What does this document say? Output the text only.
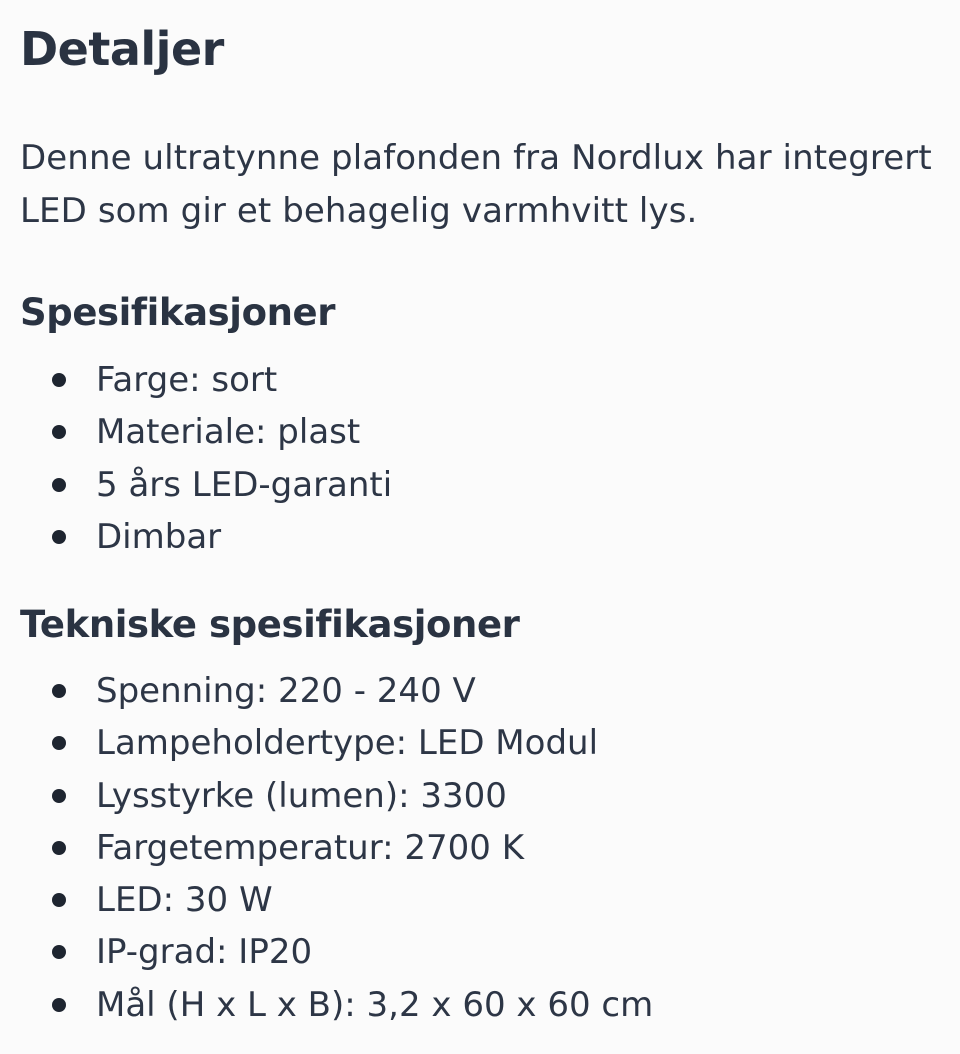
Detaljer

Denne ultratynne plafonden fra Nordlux har integrert LED som gir et behagelig varmhvitt lys.

Spesifikasjoner
Farge: sort
Materiale: plast
5 års LED-garanti
Dimbar
Tekniske spesifikasjoner
Spenning: 220 - 240 V
Lampeholdertype: LED Modul
Lysstyrke (lumen): 3300
Fargetemperatur: 2700 K
LED: 30 W
IP-grad: IP20
Mål (H x L x B): 3,2 x 60 x 60 cm
